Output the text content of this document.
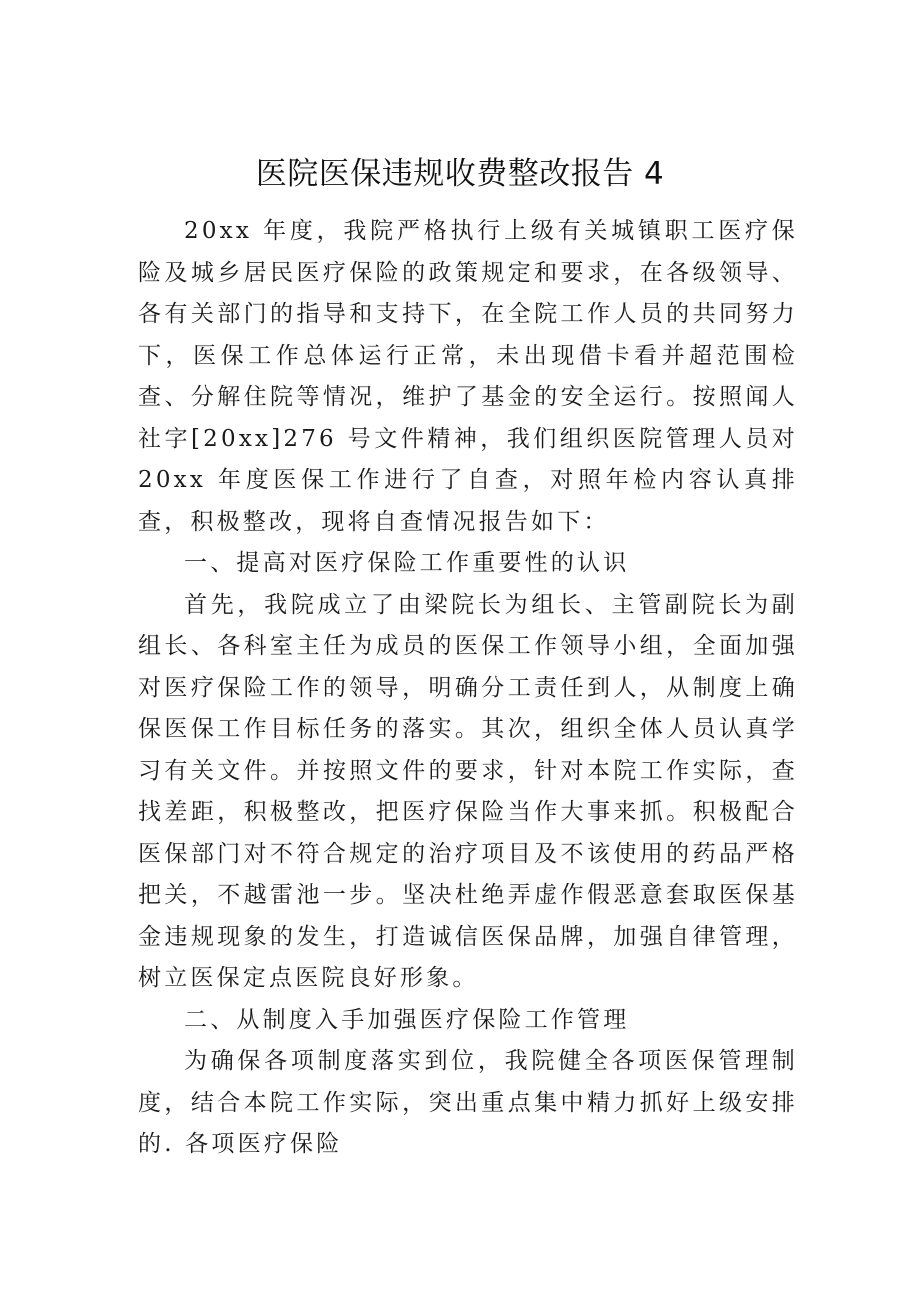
医院医保违规收费整改报告 4

20xx 年度，我院严格执行上级有关城镇职工医疗保险及城乡居民医疗保险的政策规定和要求，在各级领导、各有关部门的指导和支持下，在全院工作人员的共同努力下，医保工作总体运行正常，未出现借卡看并超范围检查、分解住院等情况，维护了基金的安全运行。按照闻人社字[20xx]276 号文件精神，我们组织医院管理人员对 20xx 年度医保工作进行了自查，对照年检内容认真排查，积极整改，现将自查情况报告如下：

一、提高对医疗保险工作重要性的认识

首先，我院成立了由梁院长为组长、主管副院长为副组长、各科室主任为成员的医保工作领导小组，全面加强对医疗保险工作的领导，明确分工责任到人，从制度上确保医保工作目标任务的落实。其次，组织全体人员认真学习有关文件。并按照文件的要求，针对本院工作实际，查找差距，积极整改，把医疗保险当作大事来抓。积极配合医保部门对不符合规定的治疗项目及不该使用的药品严格把关，不越雷池一步。坚决杜绝弄虚作假恶意套取医保基金违规现象的发生，打造诚信医保品牌，加强自律管理，树立医保定点医院良好形象。

二、从制度入手加强医疗保险工作管理

为确保各项制度落实到位，我院健全各项医保管理制度，结合本院工作实际，突出重点集中精力抓好上级安排的. 各项医疗保险
